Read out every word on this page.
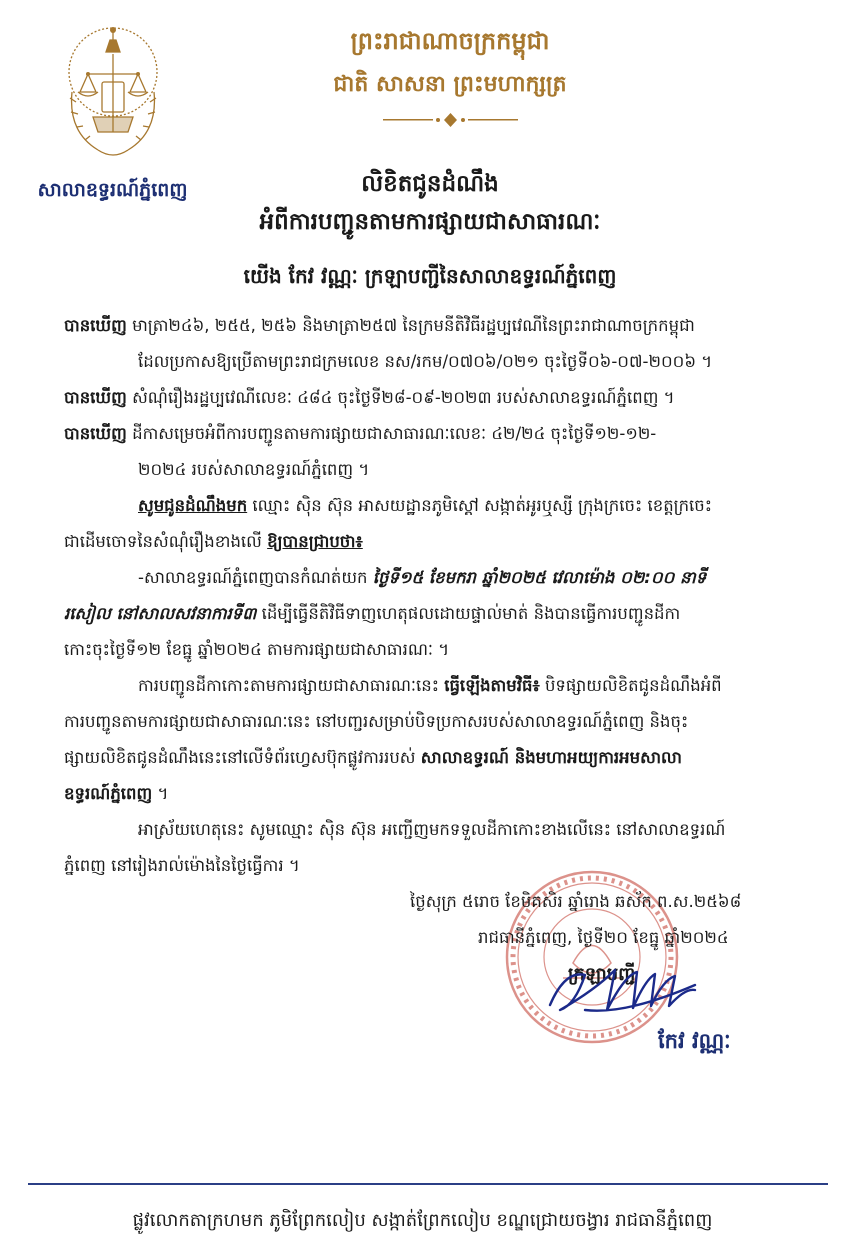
សាលាឧទ្ធរណ៍ភ្នំពេញ
ព្រះរាជាណាចក្រកម្ពុជា
ជាតិ សាសនា ព្រះមហាក្សត្រ
លិខិតជូនដំណឹង
អំពីការបញ្ជូនតាមការផ្សាយជាសាធារណៈ
យើង កែវ វណ្ណៈ ក្រឡាបញ្ជីនៃសាលាឧទ្ធរណ៍ភ្នំពេញ
បានឃើញ មាត្រា២៤៦, ២៥៥, ២៥៦ និងមាត្រា២៥៧ នៃក្រមនីតិវិធីរដ្ឋប្បវេណីនៃព្រះរាជាណាចក្រកម្ពុជា
ដែលប្រកាសឱ្យប្រើតាមព្រះរាជក្រមលេខ នស/រកម/០៧០៦/០២១ ចុះថ្ងៃទី០៦-០៧-២០០៦ ។
បានឃើញ សំណុំរឿងរដ្ឋប្បវេណីលេខៈ ៤៨៤ ចុះថ្ងៃទី២៨-០៩-២០២៣ របស់សាលាឧទ្ធរណ៍ភ្នំពេញ ។
បានឃើញ ដីកាសម្រេចអំពីការបញ្ជូនតាមការផ្សាយជាសាធារណៈលេខៈ ៤២/២៤ ចុះថ្ងៃទី១២-១២-
២០២៤ របស់សាលាឧទ្ធរណ៍ភ្នំពេញ ។
សូមជូនដំណឹងមក ឈ្មោះ ស៊ិន ស៊ុន អាសយដ្ឋានភូមិស្តៅ សង្កាត់អូរឬស្សី ក្រុងក្រចេះ ខេត្តក្រចេះ
ជាដើមចោទនៃសំណុំរឿងខាងលើ ឱ្យបានជ្រាបថា៖
-សាលាឧទ្ធរណ៍ភ្នំពេញបានកំណត់យក ថ្ងៃទី១៥ ខែមករា ឆ្នាំ២០២៥ វេលាម៉ោង ០២:០០ នាទី
រសៀល នៅសាលសវនាការទី៣ ដើម្បីធ្វើនីតិវិធីទាញហេតុផលដោយផ្ទាល់មាត់ និងបានធ្វើការបញ្ជូនដីកា
កោះចុះថ្ងៃទី១២ ខែធ្នូ ឆ្នាំ២០២៤ តាមការផ្សាយជាសាធារណៈ ។
ការបញ្ជូនដីកាកោះតាមការផ្សាយជាសាធារណៈនេះ ធ្វើឡើងតាមវិធី៖ បិទផ្សាយលិខិតជូនដំណឹងអំពី
ការបញ្ជូនតាមការផ្សាយជាសាធារណៈនេះ នៅបញ្ជរសម្រាប់បិទប្រកាសរបស់សាលាឧទ្ធរណ៍ភ្នំពេញ និងចុះ
ផ្សាយលិខិតជូនដំណឹងនេះនៅលើទំព័រហ្វេសប៊ុកផ្លូវការរបស់ សាលាឧទ្ធរណ៍ និងមហាអយ្យការអមសាលា
ឧទ្ធរណ៍ភ្នំពេញ ។
អាស្រ័យហេតុនេះ សូមឈ្មោះ ស៊ិន ស៊ុន អញ្ជើញមកទទួលដីកាកោះខាងលើនេះ នៅសាលាឧទ្ធរណ៍
ភ្នំពេញ នៅរៀងរាល់ម៉ោងនៃថ្ងៃធ្វើការ ។
ថ្ងៃសុក្រ ៥រោច ខែមិគសិរ ឆ្នាំរោង ឆស័ក ព.ស.២៥៦៨
រាជធានីភ្នំពេញ, ថ្ងៃទី២០ ខែធ្នូ ឆ្នាំ២០២៤
ក្រឡាបញ្ជី
កែវ វណ្ណៈ
ផ្លូវលោកតាក្រហមក ភូមិព្រែកលៀប សង្កាត់ព្រែកលៀប ខណ្ឌជ្រោយចង្វារ រាជធានីភ្នំពេញ
